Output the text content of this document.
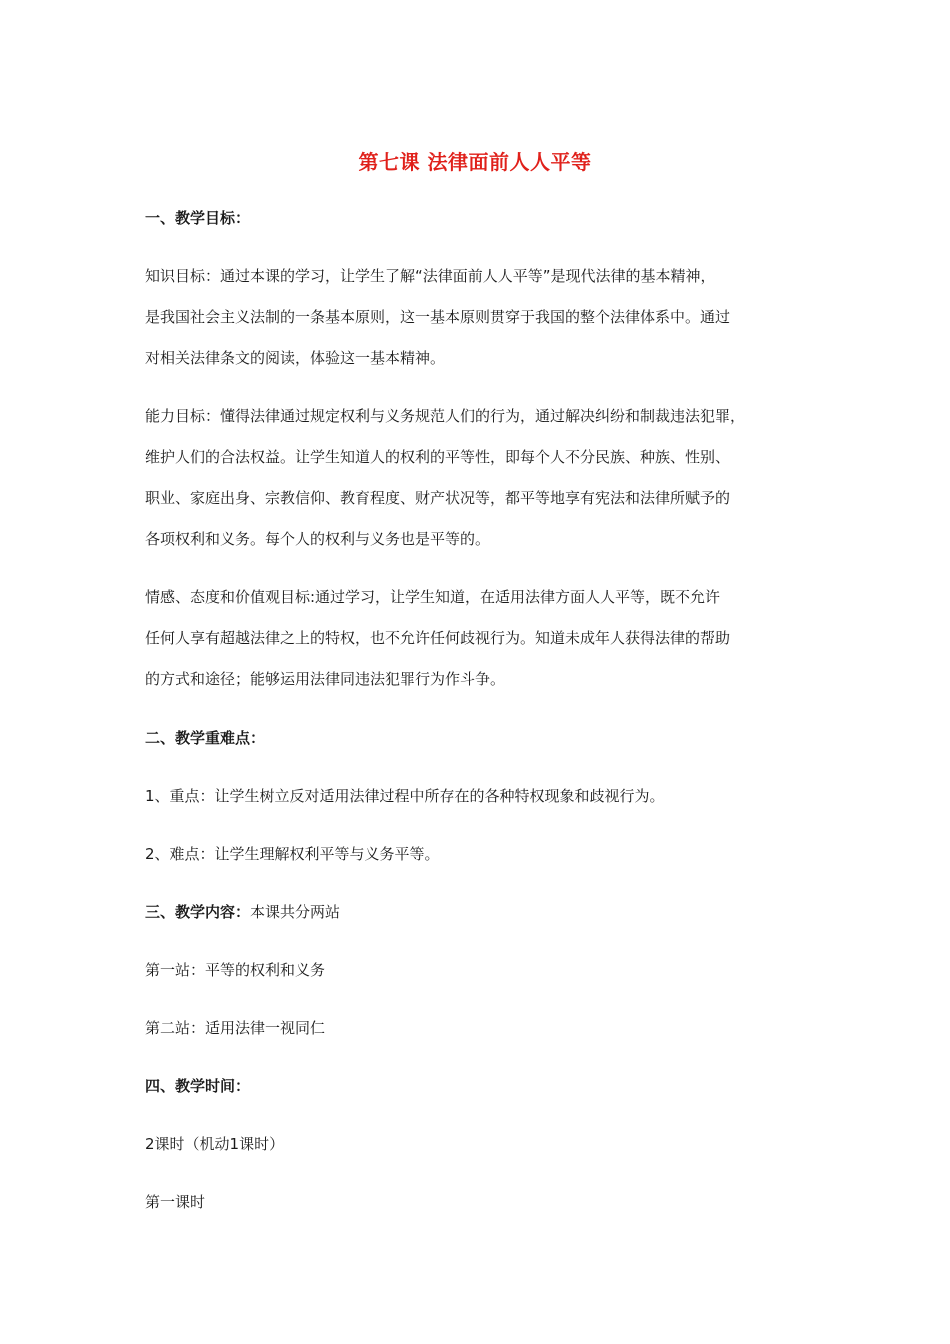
第七课 法律面前人人平等
一、教学目标：
知识目标：通过本课的学习，让学生了解“法律面前人人平等”是现代法律的基本精神，
是我国社会主义法制的一条基本原则，这一基本原则贯穿于我国的整个法律体系中。通过
对相关法律条文的阅读，体验这一基本精神。
能力目标：懂得法律通过规定权利与义务规范人们的行为，通过解决纠纷和制裁违法犯罪，
维护人们的合法权益。让学生知道人的权利的平等性，即每个人不分民族、种族、性别、
职业、家庭出身、宗教信仰、教育程度、财产状况等，都平等地享有宪法和法律所赋予的
各项权利和义务。每个人的权利与义务也是平等的。
情感、态度和价值观目标:通过学习，让学生知道，在适用法律方面人人平等，既不允许
任何人享有超越法律之上的特权，也不允许任何歧视行为。知道未成年人获得法律的帮助
的方式和途径；能够运用法律同违法犯罪行为作斗争。
二、教学重难点：
1、重点：让学生树立反对适用法律过程中所存在的各种特权现象和歧视行为。
2、难点：让学生理解权利平等与义务平等。
三、教学内容：本课共分两站
第一站：平等的权利和义务
第二站：适用法律一视同仁
四、教学时间：
2课时（机动1课时）
第一课时
